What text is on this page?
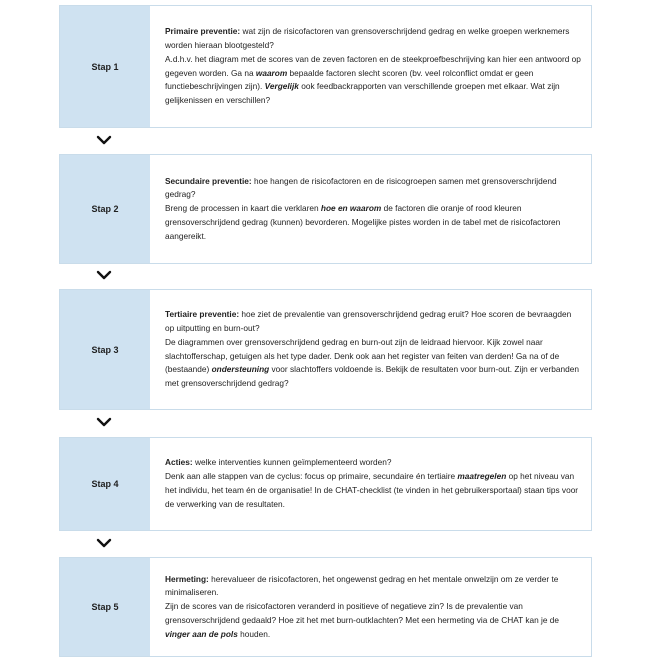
Stap 1

Primaire preventie: wat zijn de risicofactoren van grensoverschrijdend gedrag en welke groepen werknemers worden hieraan blootgesteld?

A.d.h.v. het diagram met de scores van de zeven factoren en de steekproefbeschrijving kan hier een antwoord op gegeven worden. Ga na waarom bepaalde factoren slecht scoren (bv. veel rolconflict omdat er geen functiebeschrijvingen zijn). Vergelijk ook feedbackrapporten van verschillende groepen met elkaar. Wat zijn gelijkenissen en verschillen?

Stap 2

Secundaire preventie: hoe hangen de risicofactoren en de risicogroepen samen met grensoverschrijdend gedrag?

Breng de processen in kaart die verklaren hoe en waarom de factoren die oranje of rood kleuren grensoverschrijdend gedrag (kunnen) bevorderen. Mogelijke pistes worden in de tabel met de risicofactoren aangereikt.

Stap 3

Tertiaire preventie: hoe ziet de prevalentie van grensoverschrijdend gedrag eruit? Hoe scoren de bevraagden op uitputting en burn-out?

De diagrammen over grensoverschrijdend gedrag en burn-out zijn de leidraad hiervoor. Kijk zowel naar slachtofferschap, getuigen als het type dader. Denk ook aan het register van feiten van derden! Ga na of de (bestaande) ondersteuning voor slachtoffers voldoende is. Bekijk de resultaten voor burn-out. Zijn er verbanden met grensoverschrijdend gedrag?

Stap 4

Acties: welke interventies kunnen geïmplementeerd worden?

Denk aan alle stappen van de cyclus: focus op primaire, secundaire én tertiaire maatregelen op het niveau van het individu, het team én de organisatie! In de CHAT-checklist (te vinden in het gebruikersportaal) staan tips voor de verwerking van de resultaten.

Stap 5

Hermeting: herevalueer de risicofactoren, het ongewenst gedrag en het mentale onwelzijn om ze verder te minimaliseren.

Zijn de scores van de risicofactoren veranderd in positieve of negatieve zin? Is de prevalentie van grensoverschrijdend gedaald? Hoe zit het met burn-outklachten? Met een hermeting via de CHAT kan je de vinger aan de pols houden.
